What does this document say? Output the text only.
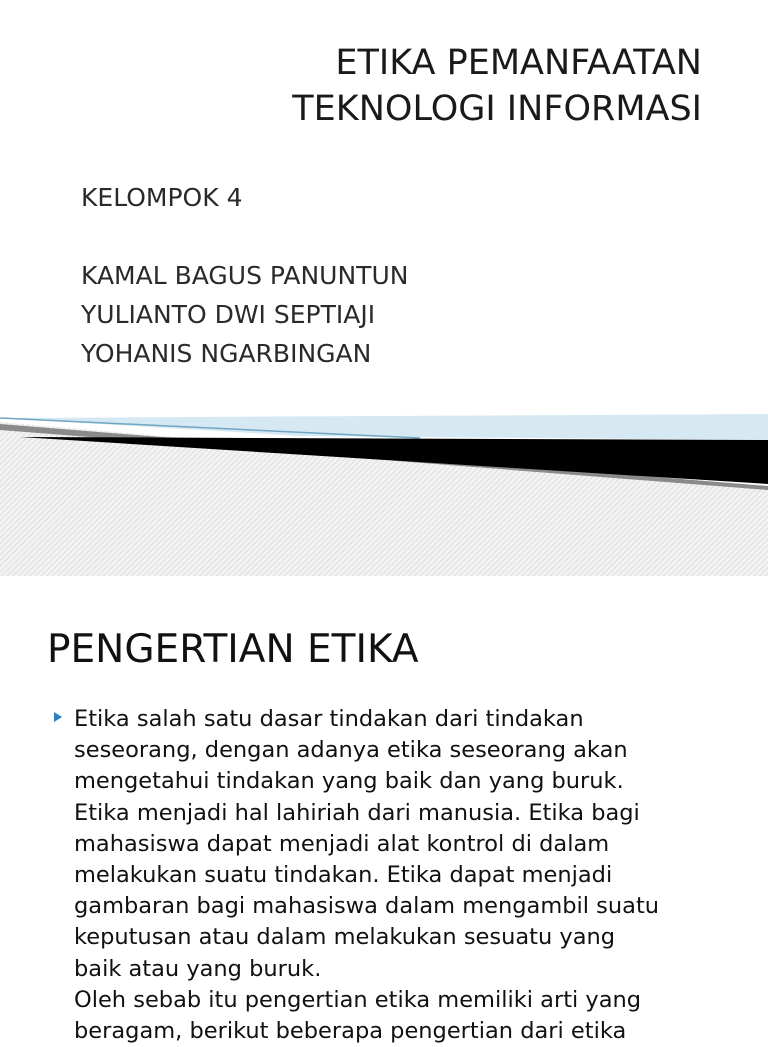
ETIKA PEMANFAATAN
TEKNOLOGI INFORMASI
KELOMPOK 4
KAMAL BAGUS PANUNTUN
YULIANTO DWI SEPTIAJI
YOHANIS NGARBINGAN
PENGERTIAN ETIKA
Etika salah satu dasar tindakan dari tindakan
seseorang, dengan adanya etika seseorang akan
mengetahui tindakan yang baik dan yang buruk.
Etika menjadi hal lahiriah dari manusia. Etika bagi
mahasiswa dapat menjadi alat kontrol di dalam
melakukan suatu tindakan. Etika dapat menjadi
gambaran bagi mahasiswa dalam mengambil suatu
keputusan atau dalam melakukan sesuatu yang
baik atau yang buruk.
Oleh sebab itu pengertian etika memiliki arti yang
beragam, berikut beberapa pengertian dari etika
